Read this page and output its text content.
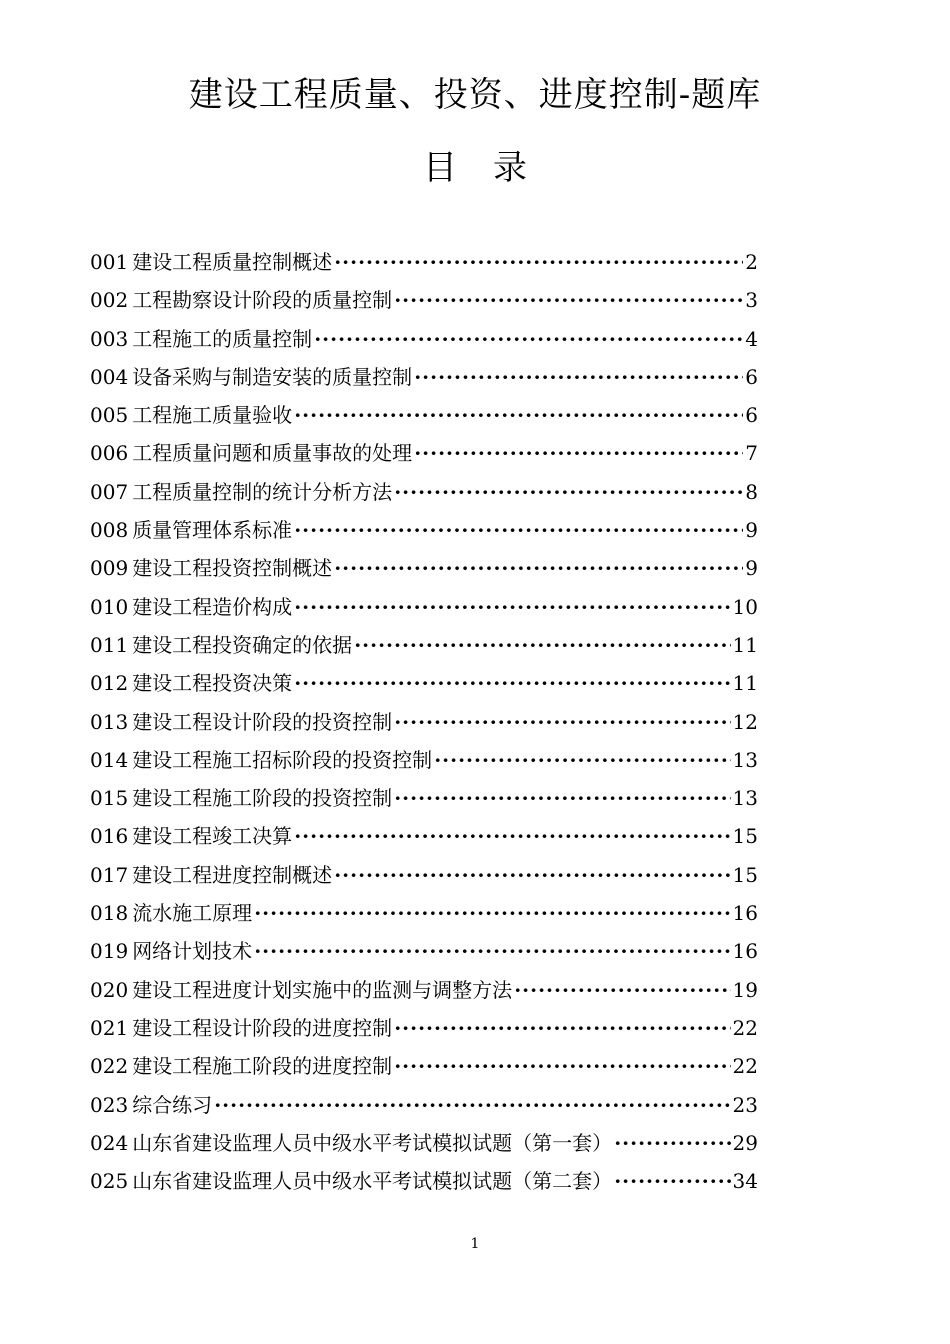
建设工程质量、投资、进度控制-题库
目 录
001 建设工程质量控制概述 ·····	2
002 工程勘察设计阶段的质量控制 ·····	3
003 工程施工的质量控制 ·····	4
004 设备采购与制造安装的质量控制 ·····	6
005 工程施工质量验收 ·····	6
006 工程质量问题和质量事故的处理 ·····	7
007 工程质量控制的统计分析方法 ·····	8
008 质量管理体系标准 ·····	9
009 建设工程投资控制概述 ·····	9
010 建设工程造价构成 ·····	10
011 建设工程投资确定的依据 ·····	11
012 建设工程投资决策 ·····	11
013 建设工程设计阶段的投资控制 ·····	12
014 建设工程施工招标阶段的投资控制 ·····	13
015 建设工程施工阶段的投资控制 ·····	13
016 建设工程竣工决算 ·····	15
017 建设工程进度控制概述 ·····	15
018 流水施工原理 ·····	16
019 网络计划技术 ·····	16
020 建设工程进度计划实施中的监测与调整方法 ·····	19
021 建设工程设计阶段的进度控制 ·····	22
022 建设工程施工阶段的进度控制 ·····	22
023 综合练习 ·····	23
024 山东省建设监理人员中级水平考试模拟试题（第一套） ·····	29
025 山东省建设监理人员中级水平考试模拟试题（第二套） ·····	34
1
